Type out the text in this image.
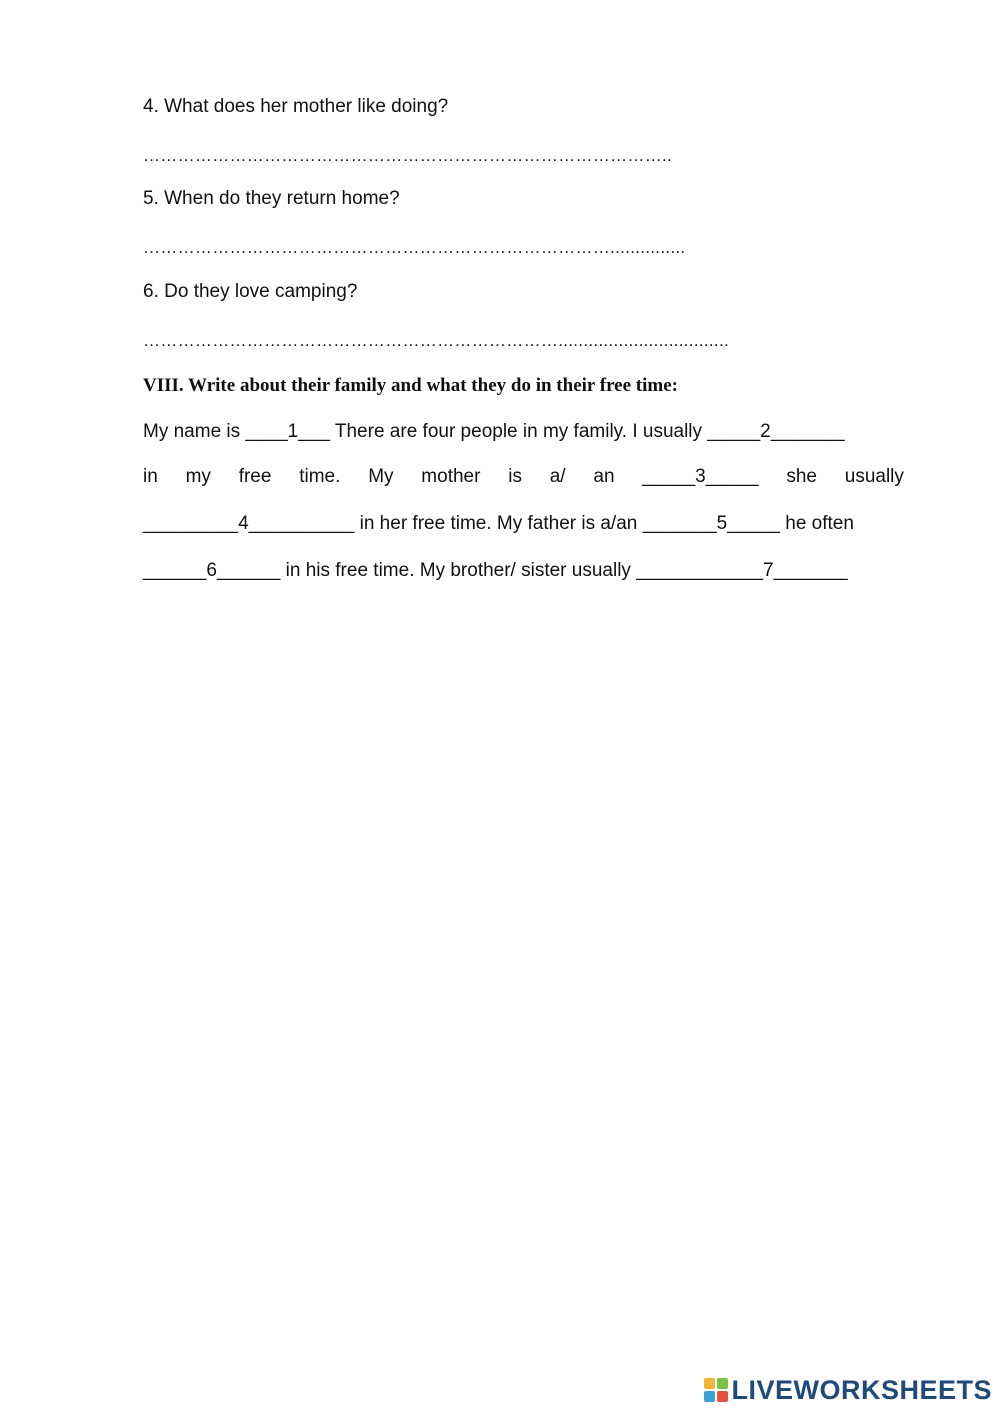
4. What does her mother like doing?
………………………………………………………………………………..
5. When do they return home?
………………………………………………………………………...............
6. Do they love camping?
………………………………………………………………..................................
VIII. Write about their family and what they do in their free time:
My name is ____1___ There are four people in my family. I usually _____2_______
in my free time. My mother is a/ an _____3_____ she usually
_________4__________ in her free time. My father is a/an _______5_____ he often
______6______ in his free time. My brother/ sister usually ____________7_______
LIVEWORKSHEETS
